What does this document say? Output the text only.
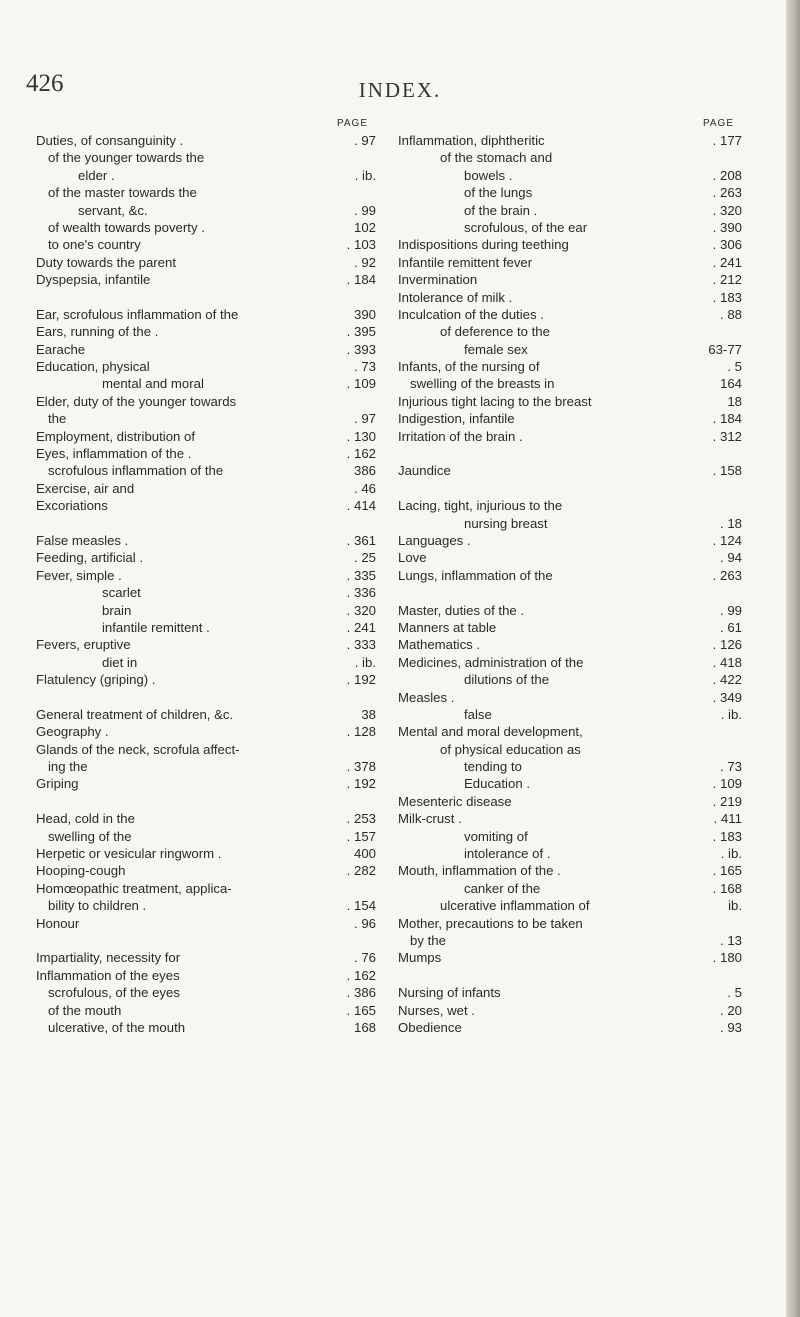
426	INDEX.
PAGE
Duties, of consanguinity .	. 97
of the younger towards the
elder .	. ib.
of the master towards the
servant, &c.	. 99
of wealth towards poverty .	102
to one's country	. 103
Duty towards the parent	. 92
Dyspepsia, infantile	. 184
Ear, scrofulous inflammation of the	390
Ears, running of the .	. 395
Earache	. 393
Education, physical	. 73
mental and moral	. 109
Elder, duty of the younger towards
the	. 97
Employment, distribution of	. 130
Eyes, inflammation of the .	. 162
scrofulous inflammation of the	386
Exercise, air and	. 46
Excoriations	. 414
False measles .	. 361
Feeding, artificial .	. 25
Fever, simple .	. 335
scarlet	. 336
brain	. 320
infantile remittent .	. 241
Fevers, eruptive	. 333
diet in	. ib.
Flatulency (griping) .	. 192
General treatment of children, &c.	38
Geography .	. 128
Glands of the neck, scrofula affect-
ing the	. 378
Griping	. 192
Head, cold in the	. 253
swelling of the	. 157
Herpetic or vesicular ringworm .	400
Hooping-cough	. 282
Homœopathic treatment, applica-
bility to children .	. 154
Honour	. 96
Impartiality, necessity for	. 76
Inflammation of the eyes	. 162
scrofulous, of the eyes	. 386
of the mouth	. 165
ulcerative, of the mouth	168
PAGE
Inflammation, diphtheritic	. 177
of the stomach and
bowels .	. 208
of the lungs	. 263
of the brain .	. 320
scrofulous, of the ear	. 390
Indispositions during teething	. 306
Infantile remittent fever	. 241
Invermination	. 212
Intolerance of milk .	. 183
Inculcation of the duties .	. 88
of deference to the
female sex	63-77
Infants, of the nursing of	. 5
swelling of the breasts in	164
Injurious tight lacing to the breast	18
Indigestion, infantile	. 184
Irritation of the brain .	. 312
Jaundice	. 158
Lacing, tight, injurious to the
nursing breast	. 18
Languages .	. 124
Love	. 94
Lungs, inflammation of the	. 263
Master, duties of the .	. 99
Manners at table	. 61
Mathematics .	. 126
Medicines, administration of the	. 418
dilutions of the	. 422
Measles .	. 349
false	. ib.
Mental and moral development,
of physical education as
tending to	. 73
Education .	. 109
Mesenteric disease	. 219
Milk-crust .	. 411
vomiting of	. 183
intolerance of .	. ib.
Mouth, inflammation of the .	. 165
canker of the	. 168
ulcerative inflammation of	ib.
Mother, precautions to be taken
by the	. 13
Mumps	. 180
Nursing of infants	. 5
Nurses, wet .	. 20
Obedience	. 93
